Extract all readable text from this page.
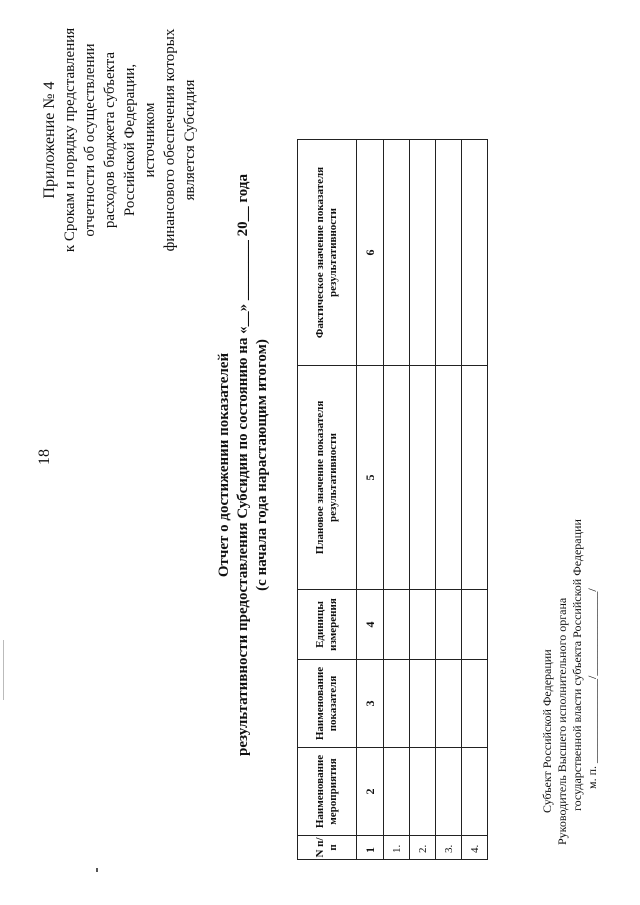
18
Приложение № 4 к Срокам и порядку представления отчетности об осуществлении расходов бюджета субъекта Российской Федерации, источником финансового обеспечения которых является Субсидия
Отчет о достижении показателей результативности предоставления Субсидии по состоянию на «__» ________ 20__ года (с начала года нарастающим итогом)
N п/п	Наименование мероприятия	Наименование показателя	Единицы измерения	Плановое значение показателя результативности	Фактическое значение показателя результативности
1	2	3	4	5	6
1.					
2.					
3.					
4.					
Субъект Российской Федерации Руководитель Высшего исполнительного органа государственной власти субъекта Российской Федерации м. п. ______________/______________/
